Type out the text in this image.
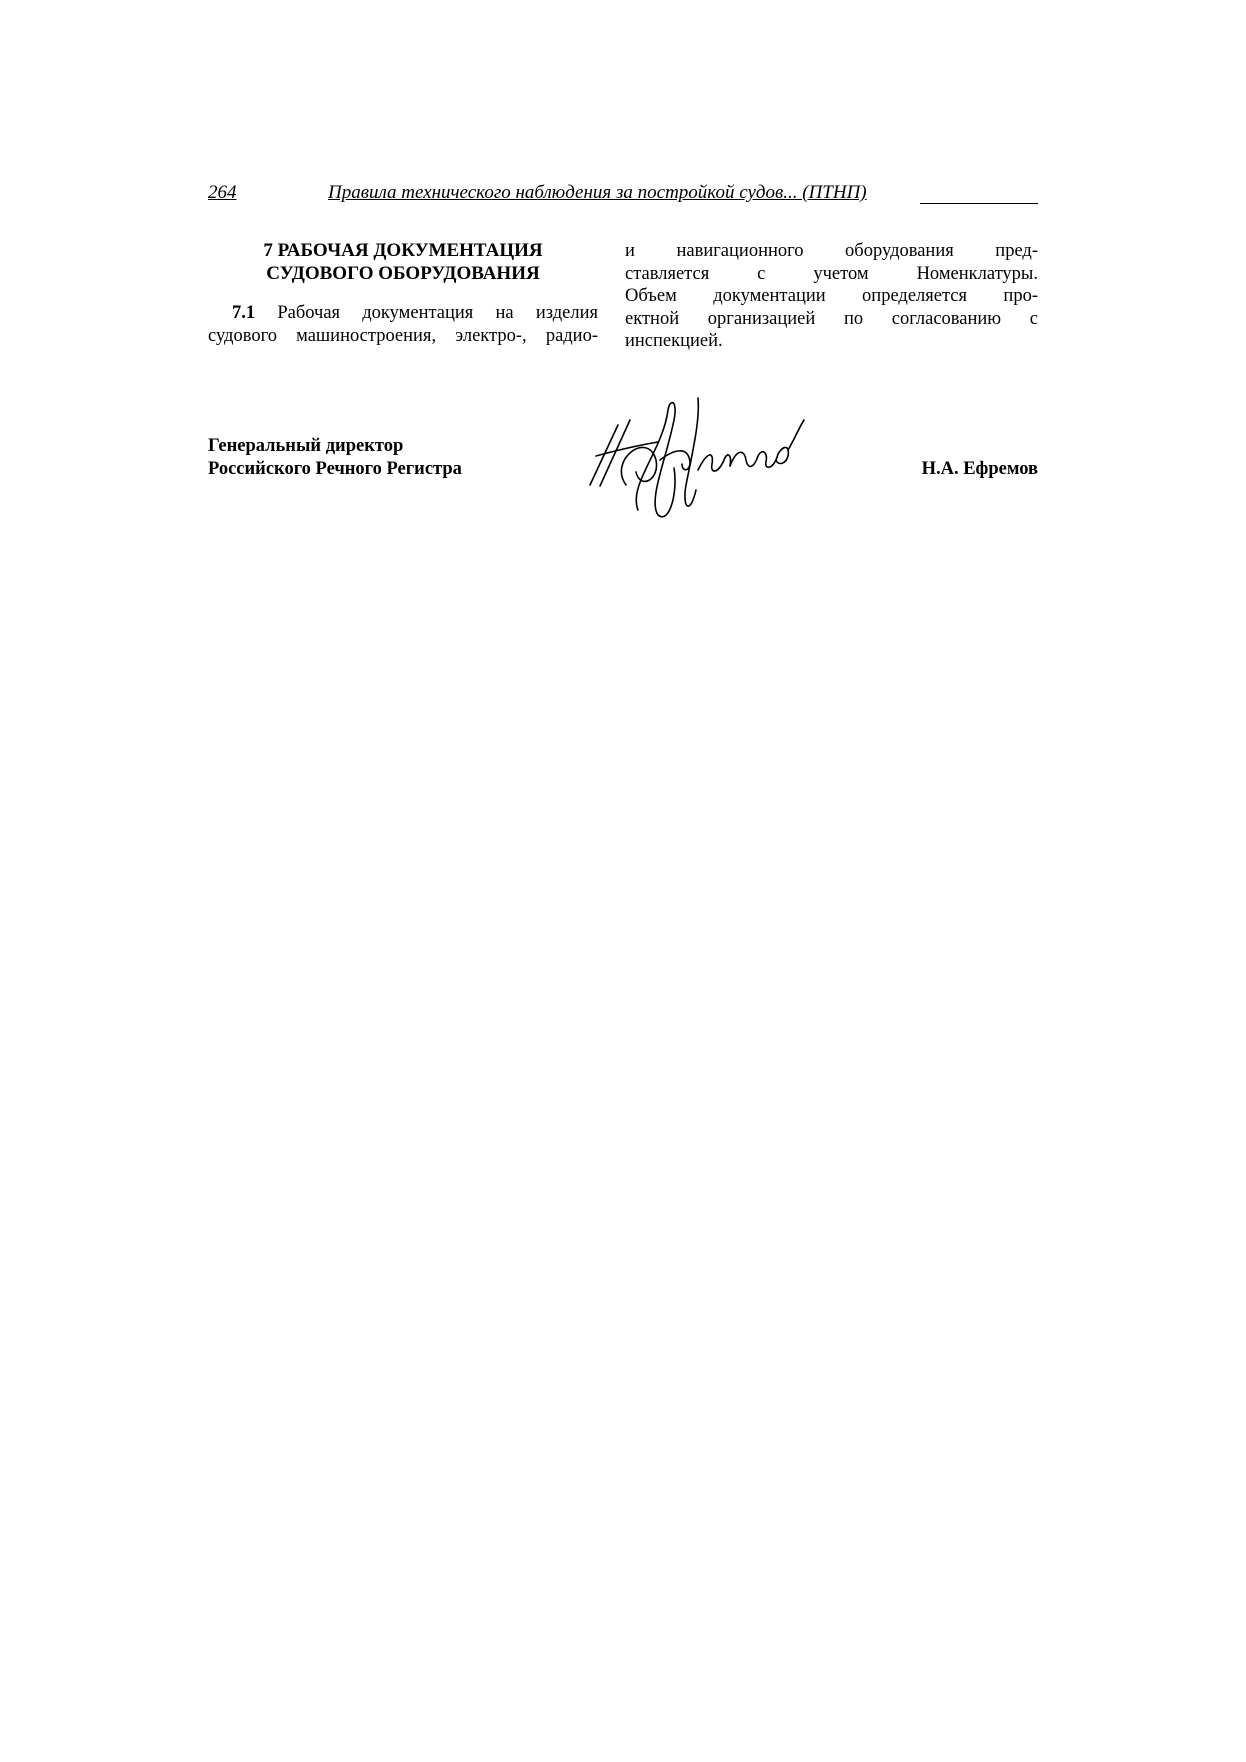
264	Правила технического наблюдения за постройкой судов... (ПТНП)
7 РАБОЧАЯ ДОКУМЕНТАЦИЯ
СУДОВОГО ОБОРУДОВАНИЯ

7.1 Рабочая документация на изделия судового машиностроения, электро-, радио-

и навигационного оборудования пред-
ставляется с учетом Номенклатуры.
Объем документации определяется про-
ектной организацией по согласованию с
инспекцией.

Генеральный директор
Российского Речного Регистра	Н.А. Ефремов
